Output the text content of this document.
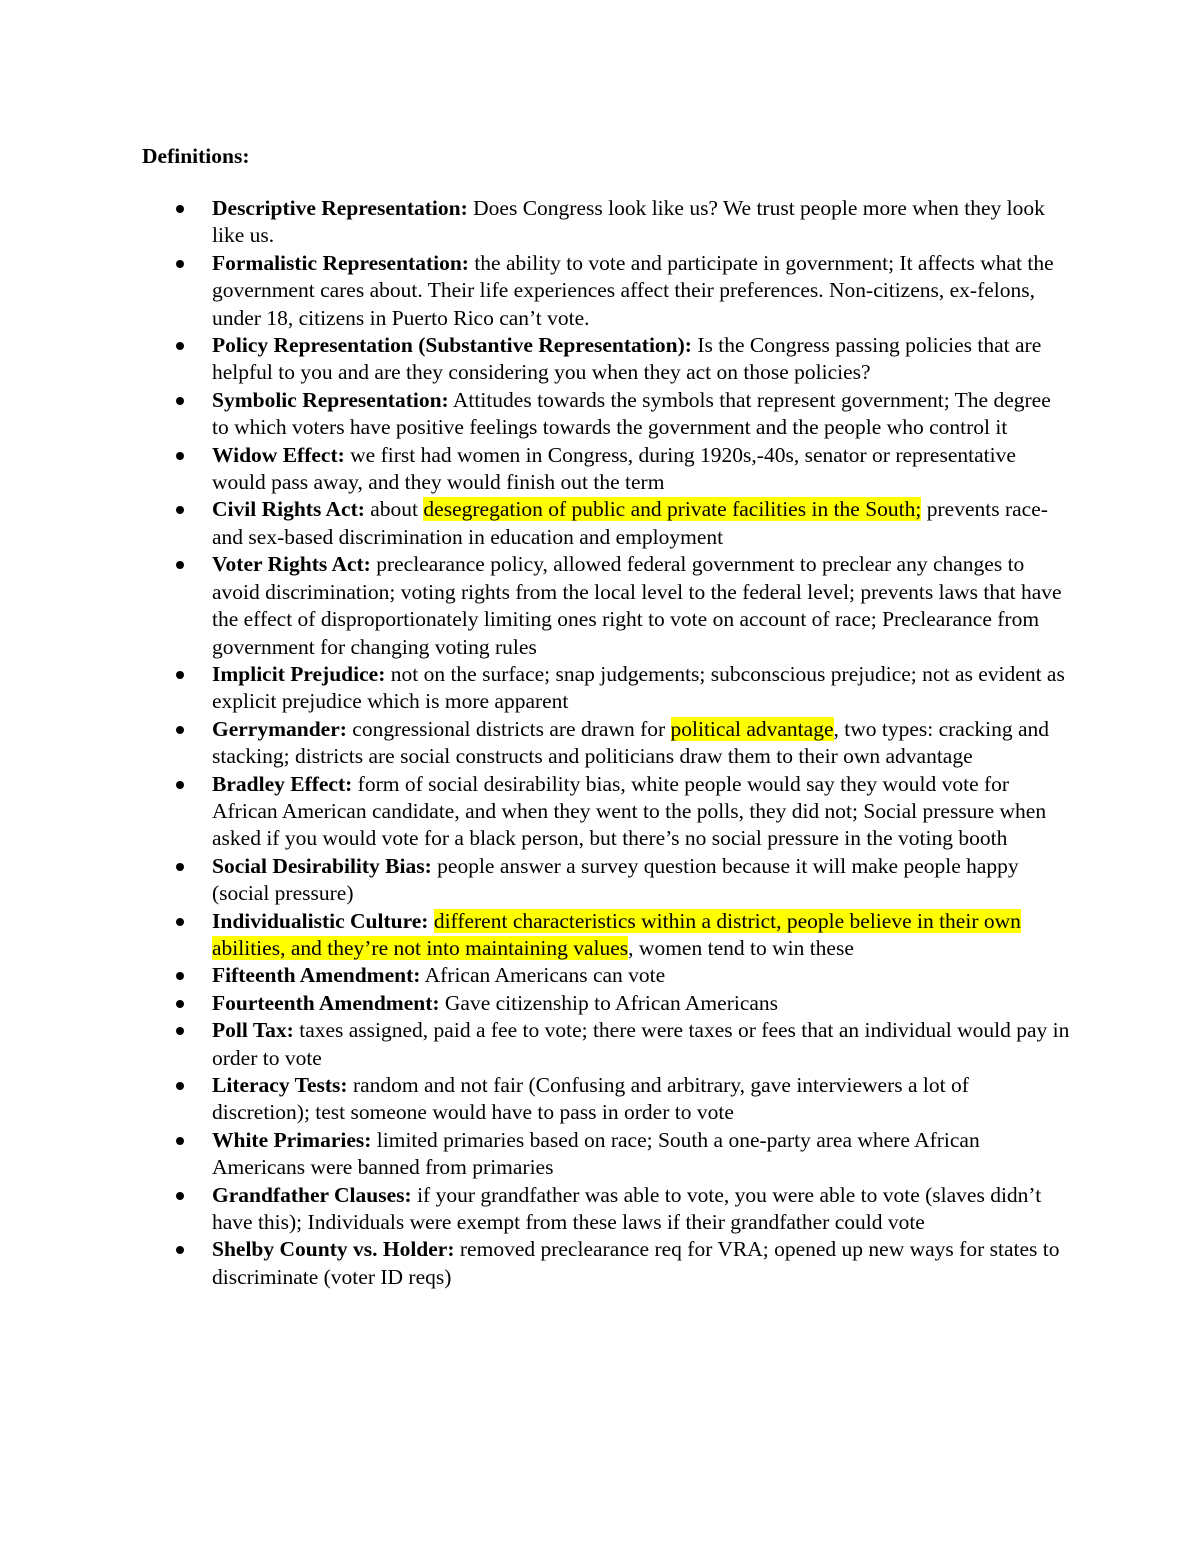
Definitions:
Descriptive Representation: Does Congress look like us? We trust people more when they look like us.
Formalistic Representation: the ability to vote and participate in government; It affects what the government cares about. Their life experiences affect their preferences. Non-citizens, ex-felons, under 18, citizens in Puerto Rico can’t vote.
Policy Representation (Substantive Representation): Is the Congress passing policies that are helpful to you and are they considering you when they act on those policies?
Symbolic Representation: Attitudes towards the symbols that represent government; The degree to which voters have positive feelings towards the government and the people who control it
Widow Effect: we first had women in Congress, during 1920s,-40s, senator or representative would pass away, and they would finish out the term
Civil Rights Act: about desegregation of public and private facilities in the South; prevents race- and sex-based discrimination in education and employment
Voter Rights Act: preclearance policy, allowed federal government to preclear any changes to avoid discrimination; voting rights from the local level to the federal level; prevents laws that have the effect of disproportionately limiting ones right to vote on account of race; Preclearance from government for changing voting rules
Implicit Prejudice: not on the surface; snap judgements; subconscious prejudice; not as evident as explicit prejudice which is more apparent
Gerrymander: congressional districts are drawn for political advantage, two types: cracking and stacking; districts are social constructs and politicians draw them to their own advantage
Bradley Effect: form of social desirability bias, white people would say they would vote for African American candidate, and when they went to the polls, they did not; Social pressure when asked if you would vote for a black person, but there’s no social pressure in the voting booth
Social Desirability Bias: people answer a survey question because it will make people happy (social pressure)
Individualistic Culture: different characteristics within a district, people believe in their own abilities, and they’re not into maintaining values, women tend to win these
Fifteenth Amendment: African Americans can vote
Fourteenth Amendment: Gave citizenship to African Americans
Poll Tax: taxes assigned, paid a fee to vote; there were taxes or fees that an individual would pay in order to vote
Literacy Tests: random and not fair (Confusing and arbitrary, gave interviewers a lot of discretion); test someone would have to pass in order to vote
White Primaries: limited primaries based on race; South a one-party area where African Americans were banned from primaries
Grandfather Clauses: if your grandfather was able to vote, you were able to vote (slaves didn’t have this); Individuals were exempt from these laws if their grandfather could vote
Shelby County vs. Holder: removed preclearance req for VRA; opened up new ways for states to discriminate (voter ID reqs)
